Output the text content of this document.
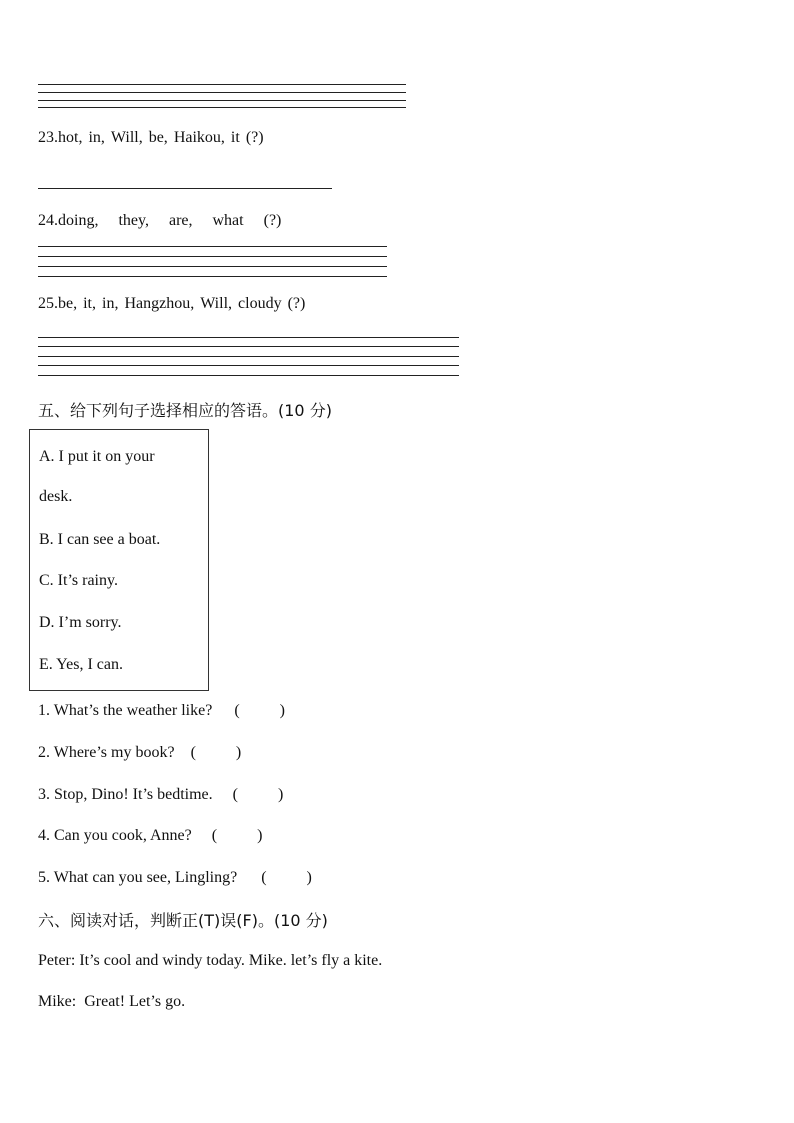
23.hot, in, Will, be, Haikou, it (?)
24.doing, they, are, what (?)
25.be, it, in, Hangzhou, Will, cloudy (?)
五、给下列句子选择相应的答语。(10 分)
A. I put it on your
desk.
B. I can see a boat.
C. It’s rainy.
D. I’m sorry.
E. Yes, I can.
1. What’s the weather like? (          )
2. Where’s my book? (          )
3. Stop, Dino! It’s bedtime. (          )
4. Can you cook, Anne? (          )
5. What can you see, Lingling? (          )
六、阅读对话，判断正(T)误(F)。(10 分)
Peter: It’s cool and windy today. Mike. let’s fly a kite.
Mike:  Great! Let’s go.
